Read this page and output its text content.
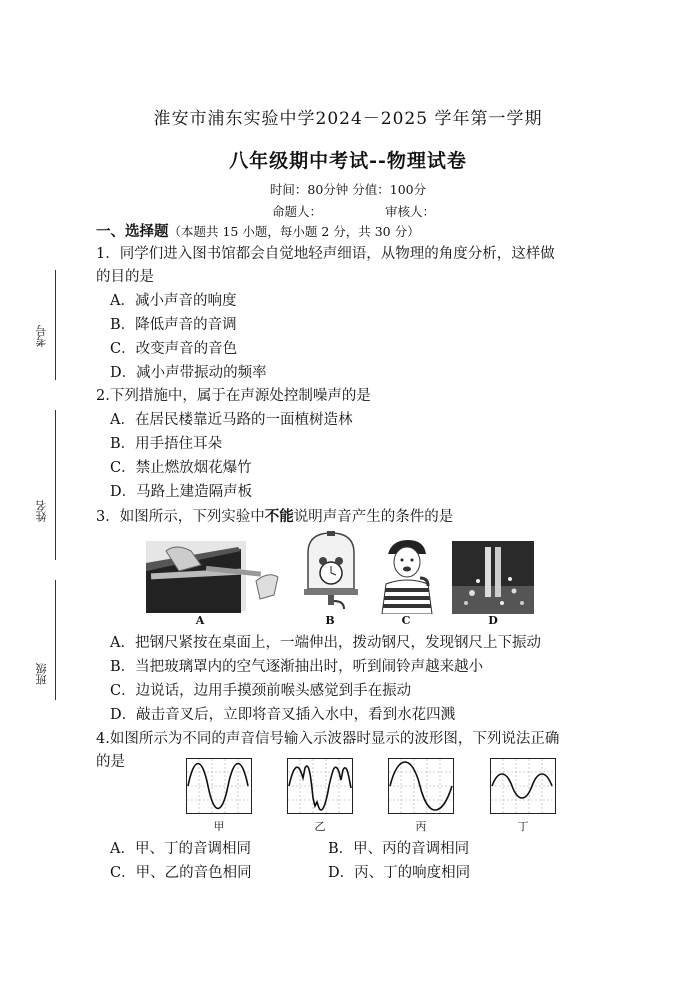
考号
姓名
班级
淮安市浦东实验中学2024－2025 学年第一学期
八年级期中考试--物理试卷
时间：80分钟 分值：100分
命题人：	审核人：
一、选择题（本题共 15 小题，每小题 2 分，共 30 分）
1．同学们进入图书馆都会自觉地轻声细语，从物理的角度分析，这样做
的目的是
A．减小声音的响度
B．降低声音的音调
C．改变声音的音色
D．减小声带振动的频率
2.下列措施中，属于在声源处控制噪声的是
A．在居民楼靠近马路的一面植树造林
B．用手捂住耳朵
C．禁止燃放烟花爆竹
D．马路上建造隔声板
3．如图所示，下列实验中不能说明声音产生的条件的是
A	B	C	D
A．把钢尺紧按在桌面上，一端伸出，拨动钢尺，发现钢尺上下振动
B．当把玻璃罩内的空气逐渐抽出时，听到闹铃声越来越小
C．边说话，边用手摸颈前喉头感觉到手在振动
D．敲击音叉后，立即将音叉插入水中，看到水花四溅
4.如图所示为不同的声音信号输入示波器时显示的波形图，下列说法正确
的是
甲	乙	丙	丁
A．甲、丁的音调相同	B．甲、丙的音调相同
C．甲、乙的音色相同	D．丙、丁的响度相同
